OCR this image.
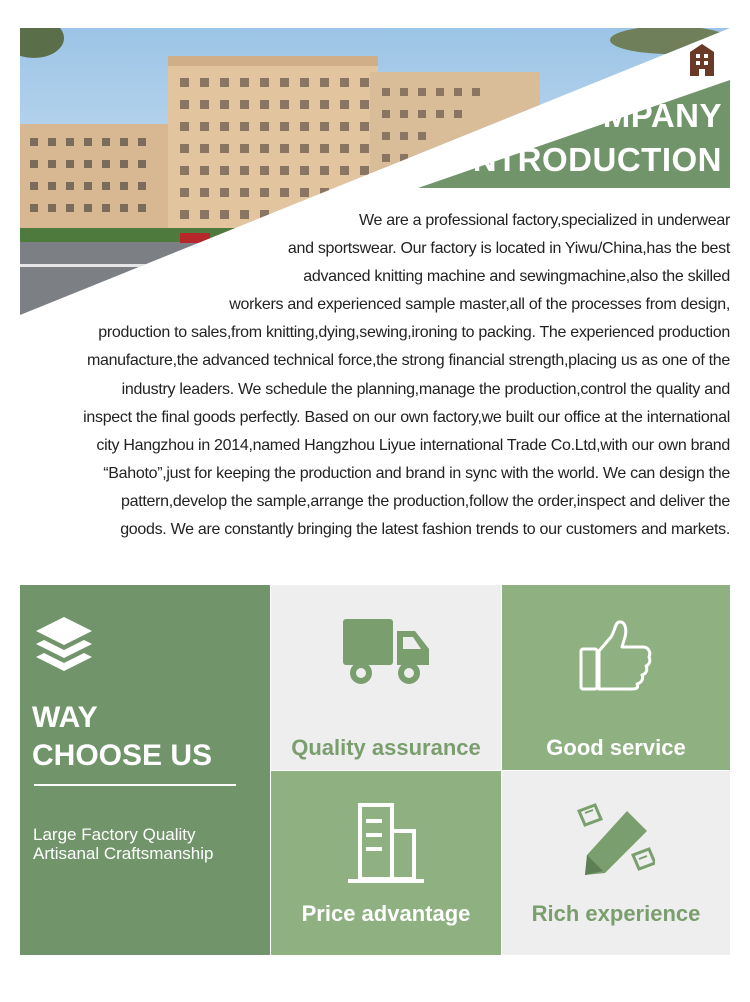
COMPANY
TNTRODUCTION
We are a professional factory,specialized in underwear
and sportswear. Our factory is located in Yiwu/China,has the best
advanced knitting machine and sewingmachine,also the skilled
workers and experienced sample master,all of the processes from design,
production to sales,from knitting,dying,sewing,ironing to packing. The experienced production
manufacture,the advanced technical force,the strong financial strength,placing us as one of the
industry leaders. We schedule the planning,manage the production,control the quality and
inspect the final goods perfectly. Based on our own factory,we built our office at the international
city Hangzhou in 2014,named Hangzhou Liyue international Trade Co.Ltd,with our own brand
“Bahoto”,just for keeping the production and brand in sync with the world. We can design the
pattern,develop the sample,arrange the production,follow the order,inspect and deliver the
goods. We are constantly bringing the latest fashion trends to our customers and markets.
WAY
CHOOSE US
Large Factory Quality
Artisanal Craftsmanship
Quality assurance	Good service
Price advantage	Rich experience
